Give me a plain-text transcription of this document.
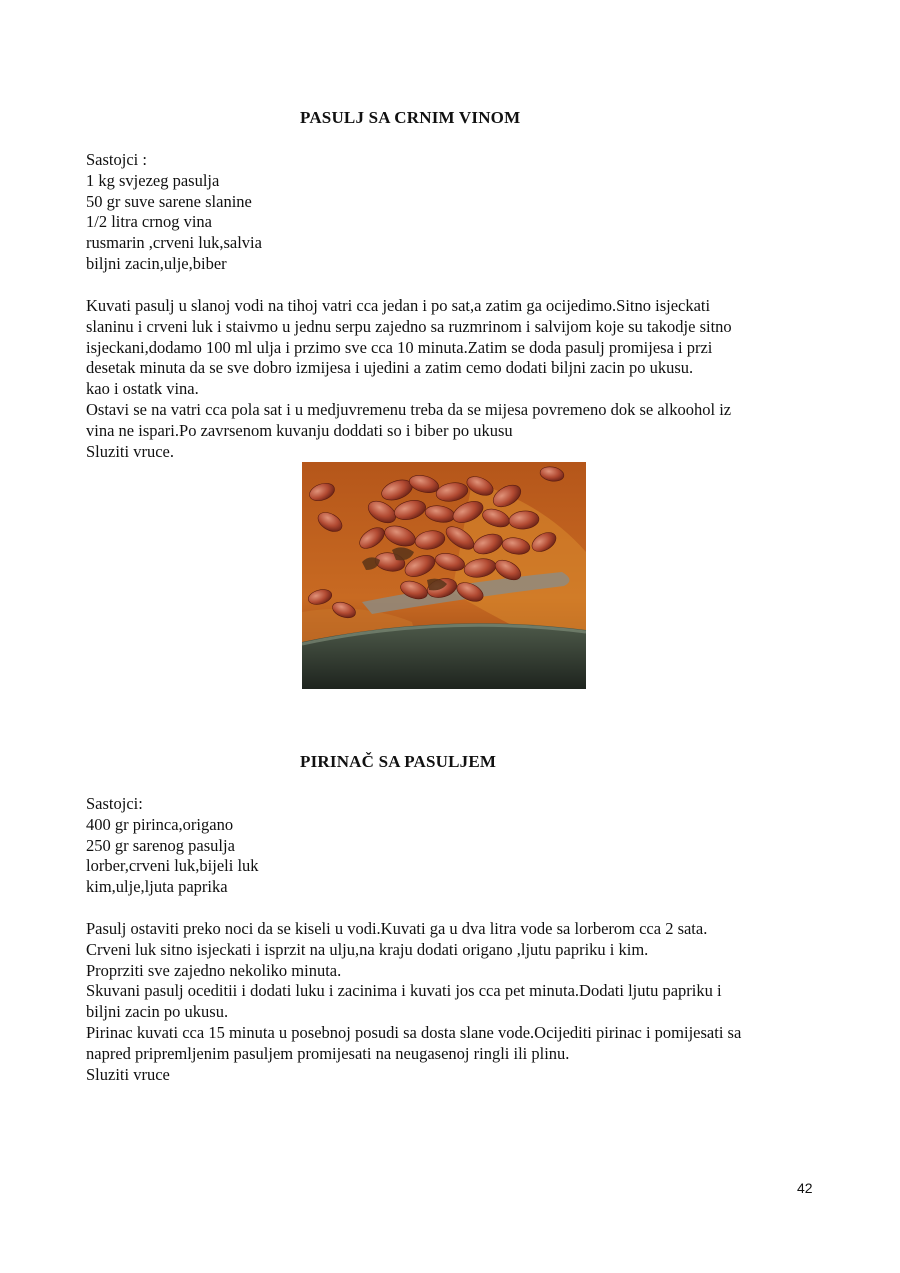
PASULJ SA CRNIM VINOM
Sastojci :
1 kg svjezeg pasulja
50 gr suve sarene slanine
1/2 litra crnog vina
rusmarin ,crveni luk,salvia
biljni zacin,ulje,biber
Kuvati pasulj u slanoj vodi na tihoj vatri cca jedan i po sat,a zatim ga ocijedimo.Sitno isjeckati
slaninu i crveni luk i staivmo u jednu serpu zajedno sa ruzmrinom i salvijom koje su takodje sitno
isjeckani,dodamo 100 ml ulja i przimo sve cca 10 minuta.Zatim se doda pasulj promijesa i przi
desetak minuta da se sve dobro izmijesa i ujedini a zatim cemo dodati biljni zacin po ukusu.
kao i ostatk vina.
Ostavi se na vatri cca pola sat i u medjuvremenu treba da se mijesa povremeno dok se alkoohol iz
vina ne ispari.Po zavrsenom kuvanju doddati so i biber po ukusu
Sluziti vruce.
PIRINAČ SA PASULJEM
Sastojci:
400 gr pirinca,origano
250 gr sarenog pasulja
lorber,crveni luk,bijeli luk
kim,ulje,ljuta paprika
Pasulj ostaviti preko noci da se kiseli u vodi.Kuvati ga u dva litra vode sa lorberom cca 2 sata.
Crveni luk sitno isjeckati i isprzit na ulju,na kraju dodati origano ,ljutu papriku i kim.
Proprziti sve zajedno nekoliko minuta.
Skuvani pasulj oceditii i dodati luku i zacinima i kuvati jos cca pet minuta.Dodati ljutu papriku i
biljni zacin po ukusu.
Pirinac kuvati cca 15 minuta u posebnoj posudi sa dosta slane vode.Ocijediti pirinac i pomijesati sa
napred pripremljenim pasuljem promijesati na neugasenoj ringli ili plinu.
Sluziti vruce
42
